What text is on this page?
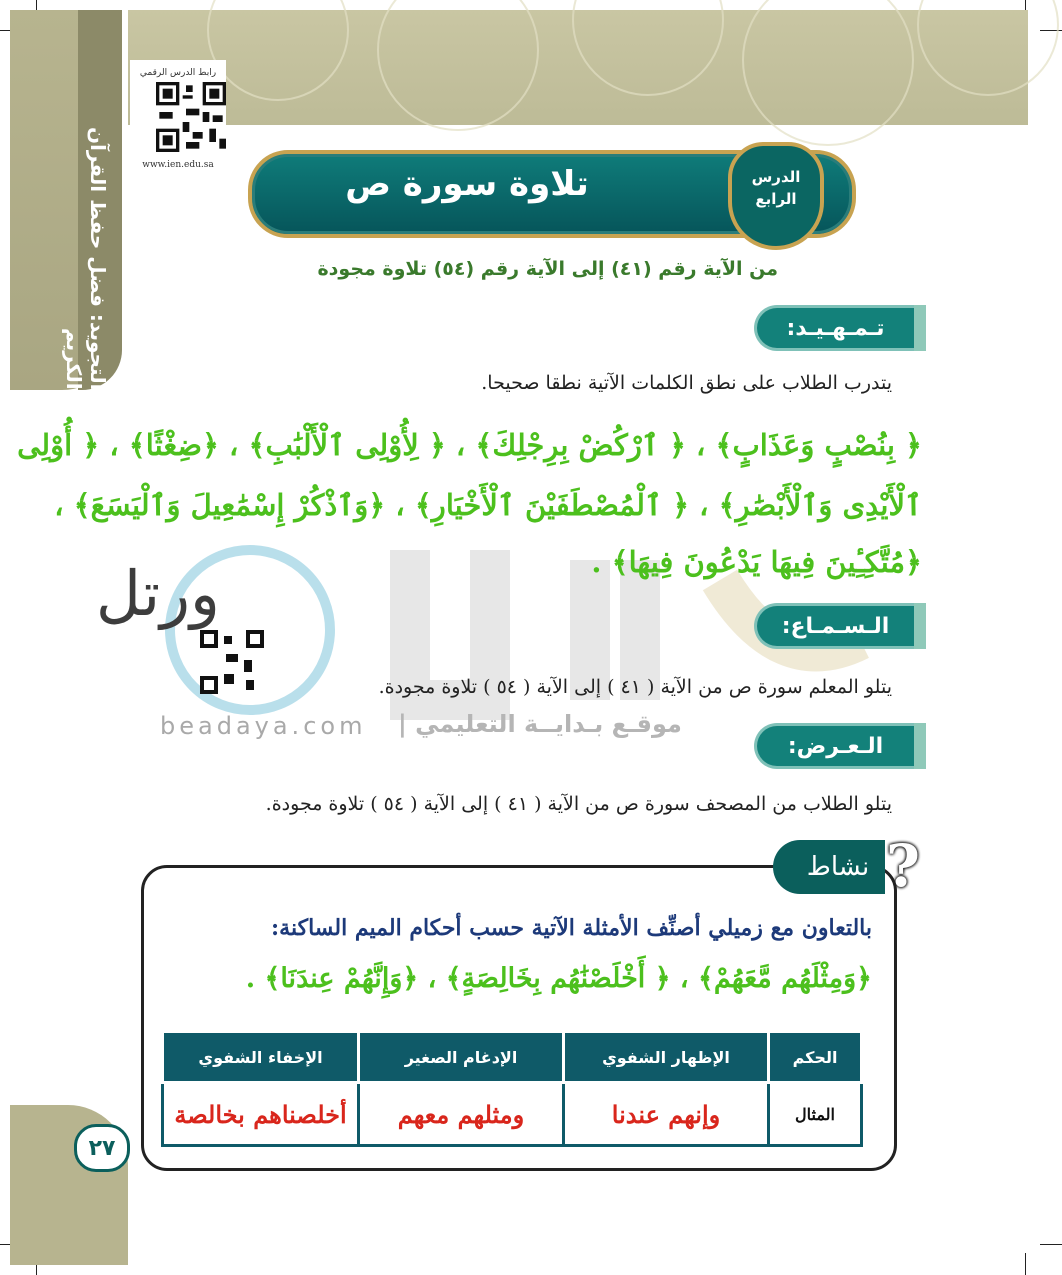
التجويد: فضل حفظ القرآن الكريم
رابط الدرس الرقمي
www.ien.edu.sa	تلاوة سورة ص	الدرس
الرابع
من الآية رقم (٤١) إلى الآية رقم (٥٤) تلاوة مجودة
ورتل
beadaya.com	موقـع بـدايــة التعليمي |
تـمـهـيـد:
يتدرب الطلاب على نطق الكلمات الآتية نطقا صحيحا.
﴿ بِنُصْبٍ وَعَذَابٍ﴾ ، ﴿ ٱرْكُضْ بِرِجْلِكَ﴾ ، ﴿ لِأُوْلِى ٱلْأَلْبَٰبِ﴾ ، ﴿ضِغْثًا﴾ ، ﴿ أُوْلِى
ٱلْأَيْدِى وَٱلْأَبْصَٰرِ﴾ ، ﴿ ٱلْمُصْطَفَيْنَ ٱلْأَخْيَارِ﴾ ، ﴿وَٱذْكُرْ إِسْمَٰعِيلَ وَٱلْيَسَعَ﴾ ،
﴿مُتَّكِـِٔينَ فِيهَا يَدْعُونَ فِيهَا﴾ .
الـسـمـاع:
يتلو المعلم سورة ص من الآية ( ٤١ ) إلى الآية ( ٥٤ ) تلاوة مجودة.
الـعـرض:
يتلو الطلاب من المصحف سورة ص من الآية ( ٤١ ) إلى الآية ( ٥٤ ) تلاوة مجودة.
نشاط ?
بالتعاون مع زميلي أصنِّف الأمثلة الآتية حسب أحكام الميم الساكنة:
﴿وَمِثْلَهُم مَّعَهُمْ﴾ ، ﴿ أَخْلَصْنَٰهُم بِخَالِصَةٍ﴾ ، ﴿وَإِنَّهُمْ عِندَنَا﴾ .
الحكم	الإظهار الشفوي	الإدغام الصغير	الإخفاء الشفوي
المثال	وإنهم عندنا	ومثلهم معهم	أخلصناهم بخالصة
٢٧
